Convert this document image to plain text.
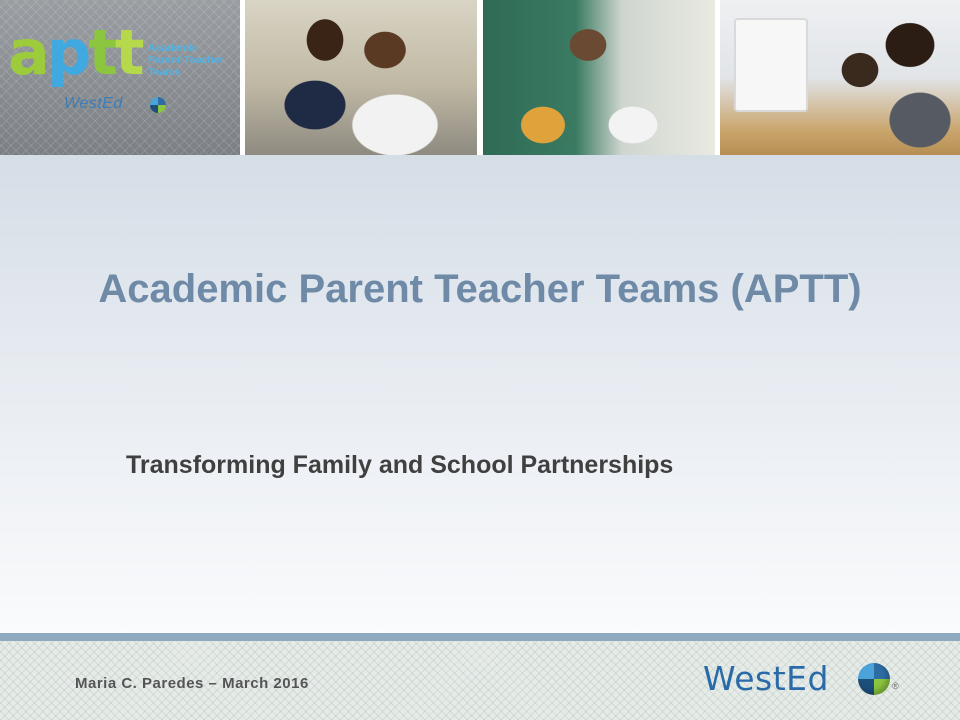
aptt Academic
Parent-Teacher
Teams
WestEd
Academic Parent Teacher Teams (APTT)
Transforming Family and School Partnerships
Maria C. Paredes – March 2016	WestEd	®
